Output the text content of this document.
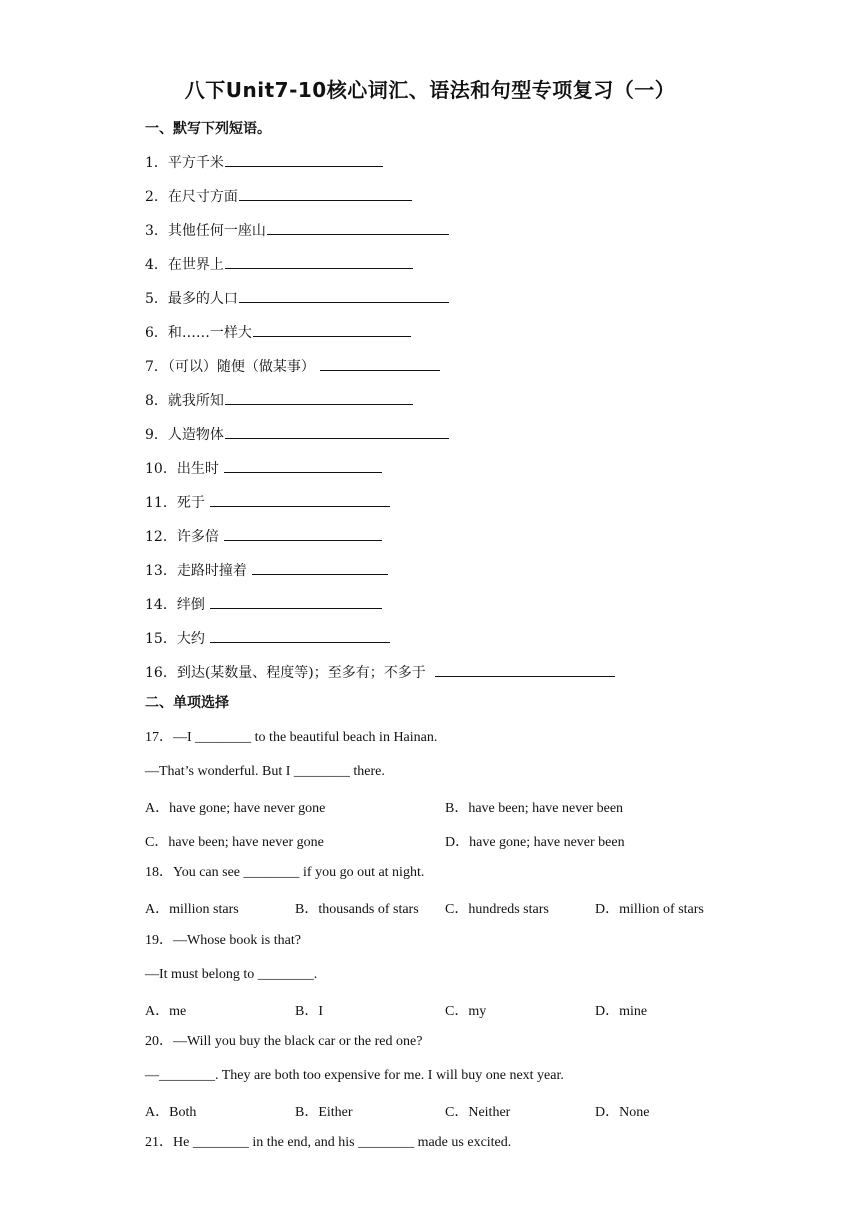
八下Unit7-10核心词汇、语法和句型专项复习（一）
一、默写下列短语。
1．平方千米
2．在尺寸方面
3．其他任何一座山
4．在世界上
5．最多的人口
6．和……一样大
7．（可以）随便（做某事）
8．就我所知
9．人造物体
10．出生时
11．死于
12．许多倍
13．走路时撞着
14．绊倒
15．大约
16．到达(某数量、程度等)；至多有；不多于
二、单项选择
17．—I ________ to the beautiful beach in Hainan.
—That’s wonderful. But I ________ there.
A．have gone; have never gone	B．have been; have never been
C．have been; have never gone	D．have gone; have never been
18．You can see ________ if you go out at night.
A．million stars	B．thousands of stars C．hundreds stars	D．million of stars
19．—Whose book is that?
—It must belong to ________.
A．me	B．I	C．my	D．mine
20．—Will you buy the black car or the red one?
—________. They are both too expensive for me. I will buy one next year.
A．Both	B．Either	C．Neither	D．None
21．He ________ in the end, and his ________ made us excited.
